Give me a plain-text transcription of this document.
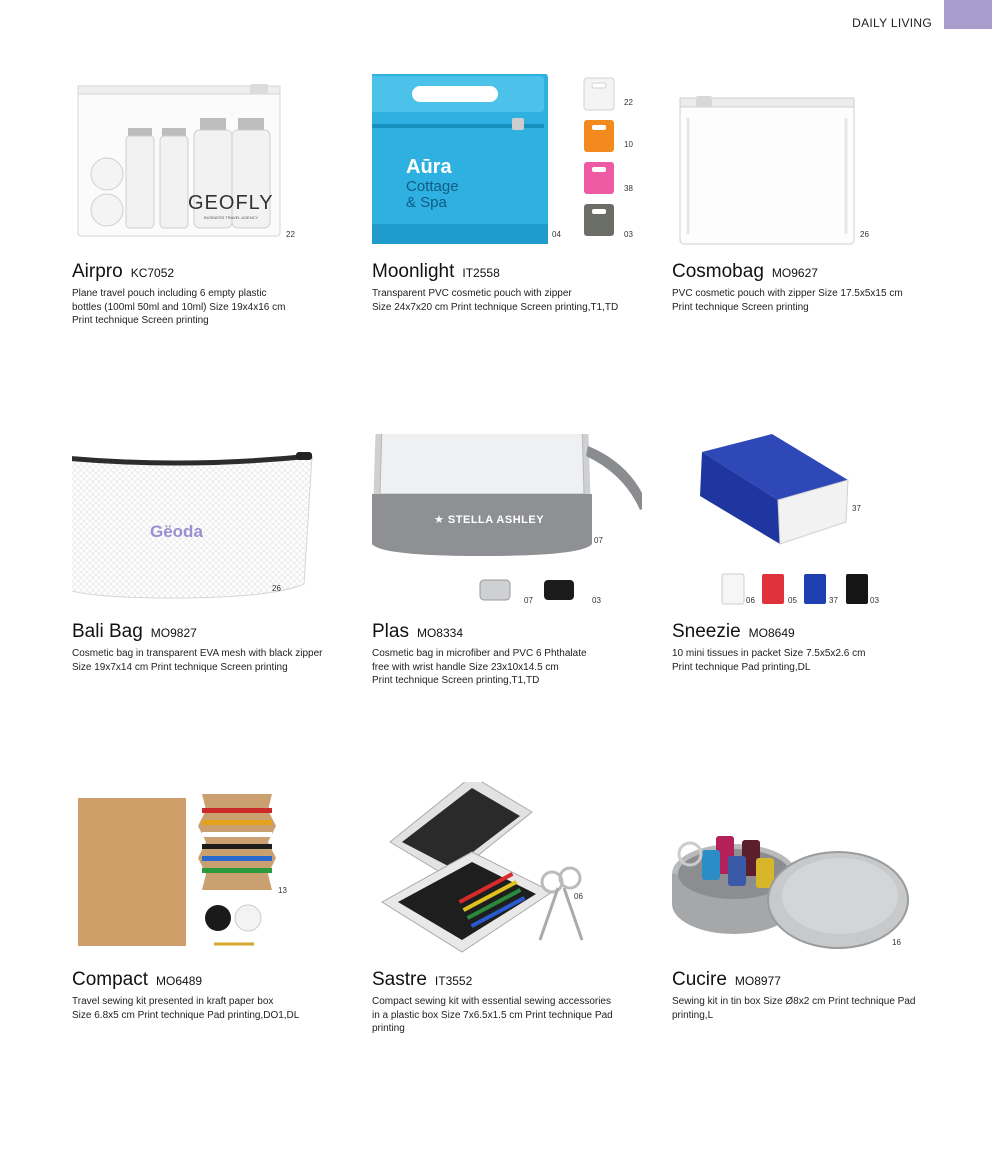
DAILY LIVING
GEOFLY
BUSINESS TRAVEL AGENCY
22
Airpro KC7052
Plane travel pouch including 6 empty plastic
bottles (100ml 50ml and 10ml) Size 19x4x16 cm
Print technique Screen printing
Aūra
Cottage
& Spa
04
22
10
38
03
Moonlight IT2558
Transparent PVC cosmetic pouch with zipper
Size 24x7x20 cm Print technique Screen printing,T1,TD
26
Cosmobag MO9627
PVC cosmetic pouch with zipper Size 17.5x5x15 cm
Print technique Screen printing
Gëoda
26
Bali Bag MO9827
Cosmetic bag in transparent EVA mesh with black zipper
Size 19x7x14 cm Print technique Screen printing
★ STELLA ASHLEY
07
07	03
Plas MO8334
Cosmetic bag in microfiber and PVC 6 Phthalate
free with wrist handle Size 23x10x14.5 cm
Print technique Screen printing,T1,TD
37
06	05	37	03
Sneezie MO8649
10 mini tissues in packet Size 7.5x5x2.6 cm
Print technique Pad printing,DL
13
Compact MO6489
Travel sewing kit presented in kraft paper box
Size 6.8x5 cm Print technique Pad printing,DO1,DL
06
Sastre IT3552
Compact sewing kit with essential sewing accessories
in a plastic box Size 7x6.5x1.5 cm Print technique Pad
printing
16
Cucire MO8977
Sewing kit in tin box Size Ø8x2 cm Print technique Pad
printing,L
